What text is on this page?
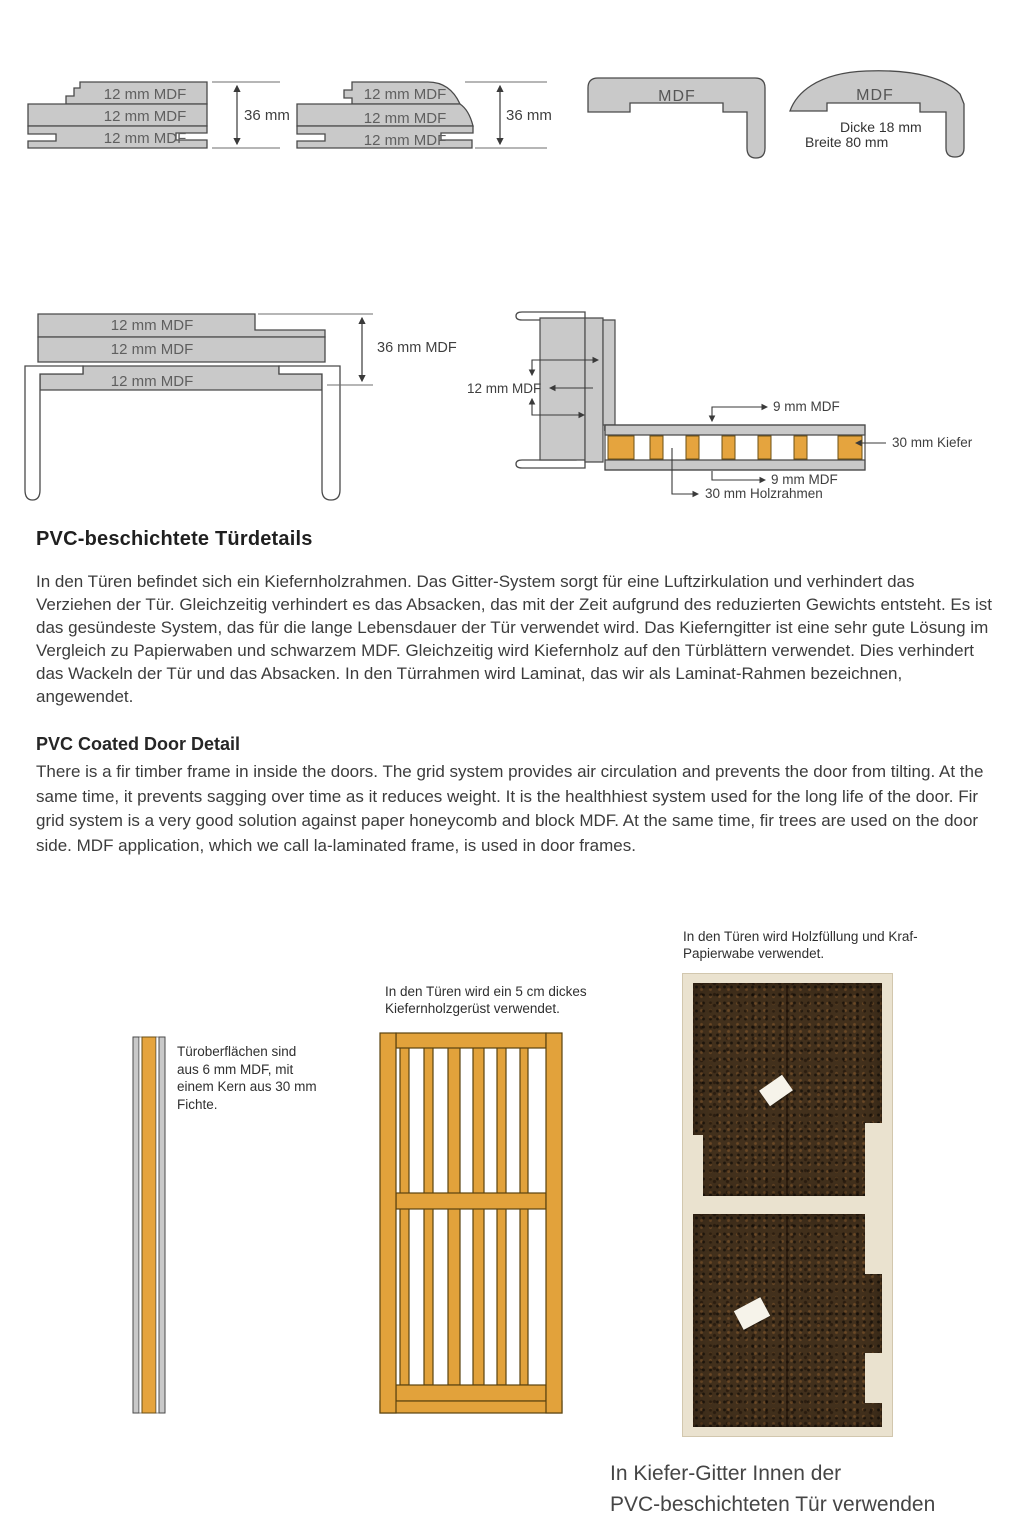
12 mm MDF
12 mm MDF
12 mm MDF
36 mm
12 mm MDF
12 mm MDF
12 mm MDF
36 mm
MDF	MDF
Dicke 18 mm
Breite 80 mm
12 mm MDF
12 mm MDF
12 mm MDF
36 mm MDF
12 mm MDF
9 mm MDF
30 mm Kiefer
9 mm MDF
30 mm Holzrahmen
PVC-beschichtete Türdetails
In den Türen befindet sich ein Kiefernholzrahmen. Das Gitter-System sorgt für eine Luftzirkulation und verhindert das Verziehen der Tür. Gleichzeitig verhindert es das Absacken, das mit der Zeit aufgrund des reduzierten Gewichts entsteht. Es ist das gesündeste System, das für die lange Lebensdauer der Tür verwendet wird. Das Kieferngitter ist eine sehr gute Lösung im Vergleich zu Papierwaben und schwarzem MDF. Gleichzeitig wird Kiefernholz auf den Türblättern verwendet. Dies verhindert das Wackeln der Tür und das Absacken. In den Türrahmen wird Laminat, das wir als Laminat-Rahmen bezeichnen, angewendet.
PVC Coated Door Detail
There is a fir timber frame in inside the doors. The grid system provides air circulation and prevents the door from tilting. At the same time, it prevents sagging over time as it reduces weight. It is the healthhiest system used for the long life of the door. Fir grid system is a very good solution against paper honeycomb and block MDF. At the same time, fir trees are used on the door side. MDF application, which we call la-laminated frame, is used in door frames.
In den Türen wird Holzfüllung und Kraf-Papierwabe verwendet.
In den Türen wird ein 5 cm dickes Kiefernholzgerüst verwendet.
Türoberflächen sind aus 6 mm MDF, mit einem Kern aus 30 mm Fichte.
In Kiefer-Gitter Innen der
PVC-beschichteten Tür verwenden
